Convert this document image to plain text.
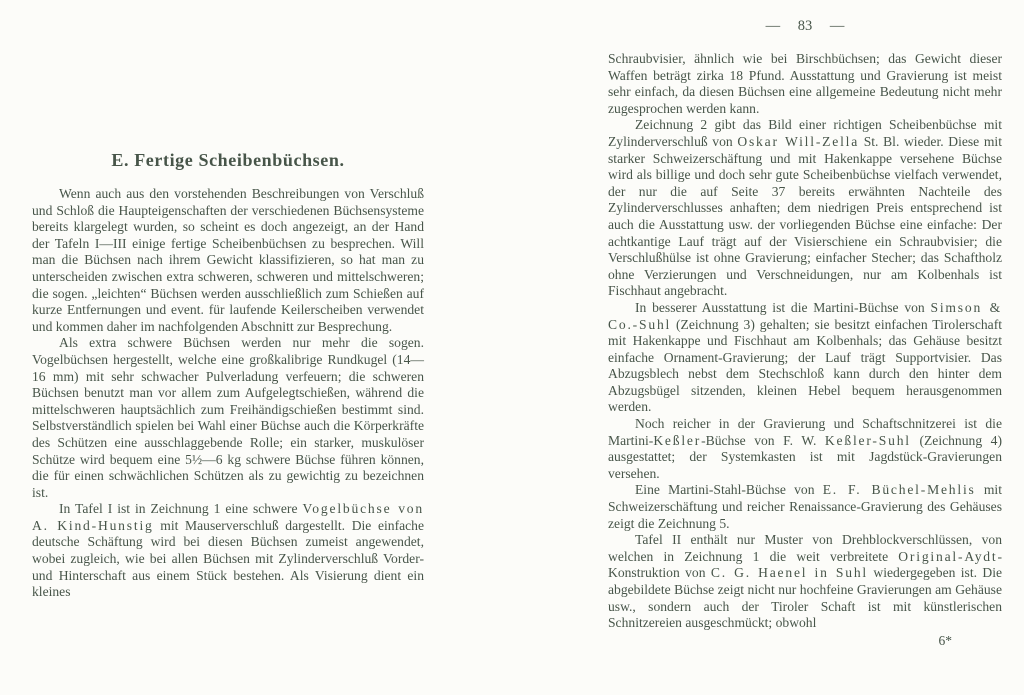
E. Fertige Scheibenbüchsen.

Wenn auch aus den vorstehenden Beschreibungen von Verschluß und Schloß die Haupteigenschaften der verschiedenen Büchsensysteme bereits klargelegt wurden, so scheint es doch angezeigt, an der Hand der Tafeln I—III einige fertige Scheibenbüchsen zu besprechen. Will man die Büchsen nach ihrem Gewicht klassifizieren, so hat man zu unterscheiden zwischen extra schweren, schweren und mittelschweren; die sogen. „leichten“ Büchsen werden ausschließlich zum Schießen auf kurze Entfernungen und event. für laufende Keilerscheiben verwendet und kommen daher im nachfolgenden Abschnitt zur Besprechung.

Als extra schwere Büchsen werden nur mehr die sogen. Vogelbüchsen hergestellt, welche eine großkalibrige Rundkugel (14—16 mm) mit sehr schwacher Pulverladung verfeuern; die schweren Büchsen benutzt man vor allem zum Aufgelegtschießen, während die mittelschweren hauptsächlich zum Freihändigschießen bestimmt sind. Selbstverständlich spielen bei Wahl einer Büchse auch die Körperkräfte des Schützen eine ausschlaggebende Rolle; ein starker, muskulöser Schütze wird bequem eine 5½—6 kg schwere Büchse führen können, die für einen schwächlichen Schützen als zu gewichtig zu bezeichnen ist.

In Tafel I ist in Zeichnung 1 eine schwere Vogelbüchse von A. Kind-Hunstig mit Mauserverschluß dargestellt. Die einfache deutsche Schäftung wird bei diesen Büchsen zumeist angewendet, wobei zugleich, wie bei allen Büchsen mit Zylinderverschluß Vorder- und Hinterschaft aus einem Stück bestehen. Als Visierung dient ein kleines

— 83 —

Schraubvisier, ähnlich wie bei Birschbüchsen; das Gewicht dieser Waffen beträgt zirka 18 Pfund. Ausstattung und Gravierung ist meist sehr einfach, da diesen Büchsen eine allgemeine Bedeutung nicht mehr zugesprochen werden kann.

Zeichnung 2 gibt das Bild einer richtigen Scheibenbüchse mit Zylinderverschluß von Oskar Will-Zella St. Bl. wieder. Diese mit starker Schweizerschäftung und mit Hakenkappe versehene Büchse wird als billige und doch sehr gute Scheibenbüchse vielfach verwendet, der nur die auf Seite 37 bereits erwähnten Nachteile des Zylinderverschlusses anhaften; dem niedrigen Preis entsprechend ist auch die Ausstattung usw. der vorliegenden Büchse eine einfache: Der achtkantige Lauf trägt auf der Visierschiene ein Schraubvisier; die Verschlußhülse ist ohne Gravierung; einfacher Stecher; das Schaftholz ohne Verzierungen und Verschneidungen, nur am Kolbenhals ist Fischhaut angebracht.

In besserer Ausstattung ist die Martini-Büchse von Simson & Co.-Suhl (Zeichnung 3) gehalten; sie besitzt einfachen Tirolerschaft mit Hakenkappe und Fischhaut am Kolbenhals; das Gehäuse besitzt einfache Ornament-Gravierung; der Lauf trägt Supportvisier. Das Abzugsblech nebst dem Stechschloß kann durch den hinter dem Abzugsbügel sitzenden, kleinen Hebel bequem herausgenommen werden.

Noch reicher in der Gravierung und Schaftschnitzerei ist die Martini-Keßler-Büchse von F. W. Keßler-Suhl (Zeichnung 4) ausgestattet; der Systemkasten ist mit Jagdstück-Gravierungen versehen.

Eine Martini-Stahl-Büchse von E. F. Büchel-Mehlis mit Schweizerschäftung und reicher Renaissance-Gravierung des Gehäuses zeigt die Zeichnung 5.

Tafel II enthält nur Muster von Drehblockverschlüssen, von welchen in Zeichnung 1 die weit verbreitete Original-Aydt-Konstruktion von C. G. Haenel in Suhl wiedergegeben ist. Die abgebildete Büchse zeigt nicht nur hochfeine Gravierungen am Gehäuse usw., sondern auch der Tiroler Schaft ist mit künstlerischen Schnitzereien ausgeschmückt; obwohl

6*
